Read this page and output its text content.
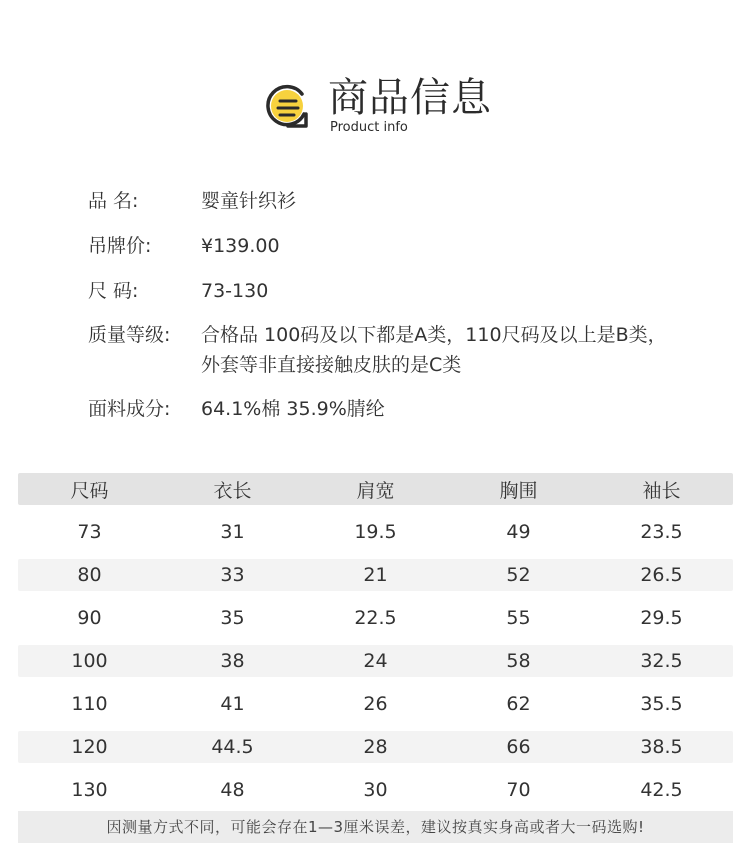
商品信息
Product info
品 名:	婴童针织衫
吊牌价:	¥139.00
尺 码:	73-130
质量等级:	合格品 100码及以下都是A类，110尺码及以上是B类，外套等非直接接触皮肤的是C类
面料成分:	64.1%棉 35.9%腈纶
尺码	衣长	肩宽	胸围	袖长
73	31	19.5	49	23.5
80	33	21	52	26.5
90	35	22.5	55	29.5
100	38	24	58	32.5
110	41	26	62	35.5
120	44.5	28	66	38.5
130	48	30	70	42.5
因测量方式不同，可能会存在1—3厘米误差，建议按真实身高或者大一码选购!
